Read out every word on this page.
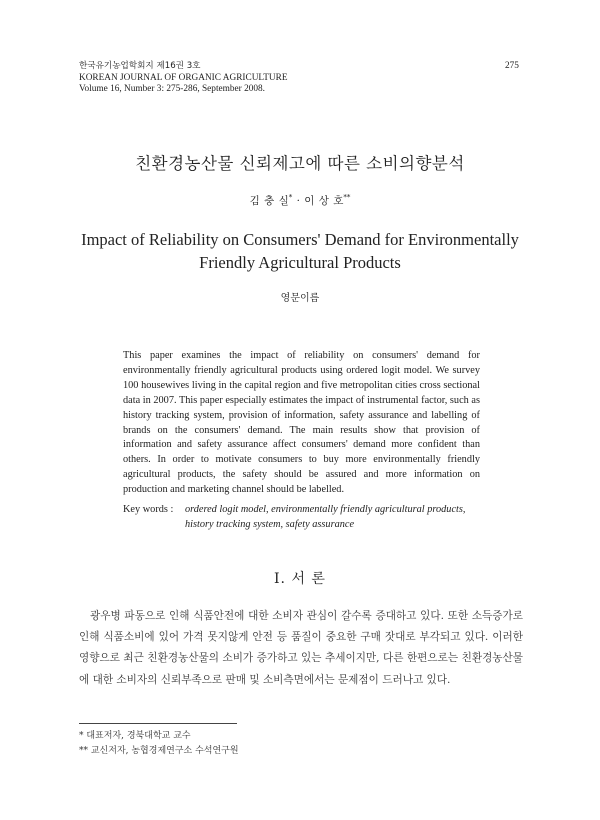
한국유기농업학회지 제16권 3호
KOREAN JOURNAL OF ORGANIC AGRICULTURE
Volume 16, Number 3: 275-286, September 2008.
275
친환경농산물 신뢰제고에 따른 소비의향분석
김 충 실* · 이 상 호**
Impact of Reliability on Consumers' Demand for Environmentally
Friendly Agricultural Products
영문이름
This paper examines the impact of reliability on consumers' demand for environmentally friendly agricultural products using ordered logit model. We survey 100 housewives living in the capital region and five metropolitan cities cross sectional data in 2007. This paper especially estimates the impact of instrumental factor, such as history tracking system, provision of information, safety assurance and labelling of brands on the consumers' demand. The main results show that provision of information and safety assurance affect consumers' demand more confident than others. In order to motivate consumers to buy more environmentally friendly agricultural products, the safety should be assured and more information on production and marketing channel should be labelled.
Key words : ordered logit model, environmentally friendly agricultural products,
history tracking system, safety assurance
Ⅰ. 서 론
광우병 파동으로 인해 식품안전에 대한 소비자 관심이 갈수록 증대하고 있다. 또한 소득증가로 인해 식품소비에 있어 가격 못지않게 안전 등 품질이 중요한 구매 잣대로 부각되고 있다. 이러한 영향으로 최근 친환경농산물의 소비가 증가하고 있는 추세이지만, 다른 한편으로는 친환경농산물에 대한 소비자의 신뢰부족으로 판매 및 소비측면에서는 문제점이 드러나고 있다.
* 대표저자, 경북대학교 교수
** 교신저자, 농협경제연구소 수석연구원
